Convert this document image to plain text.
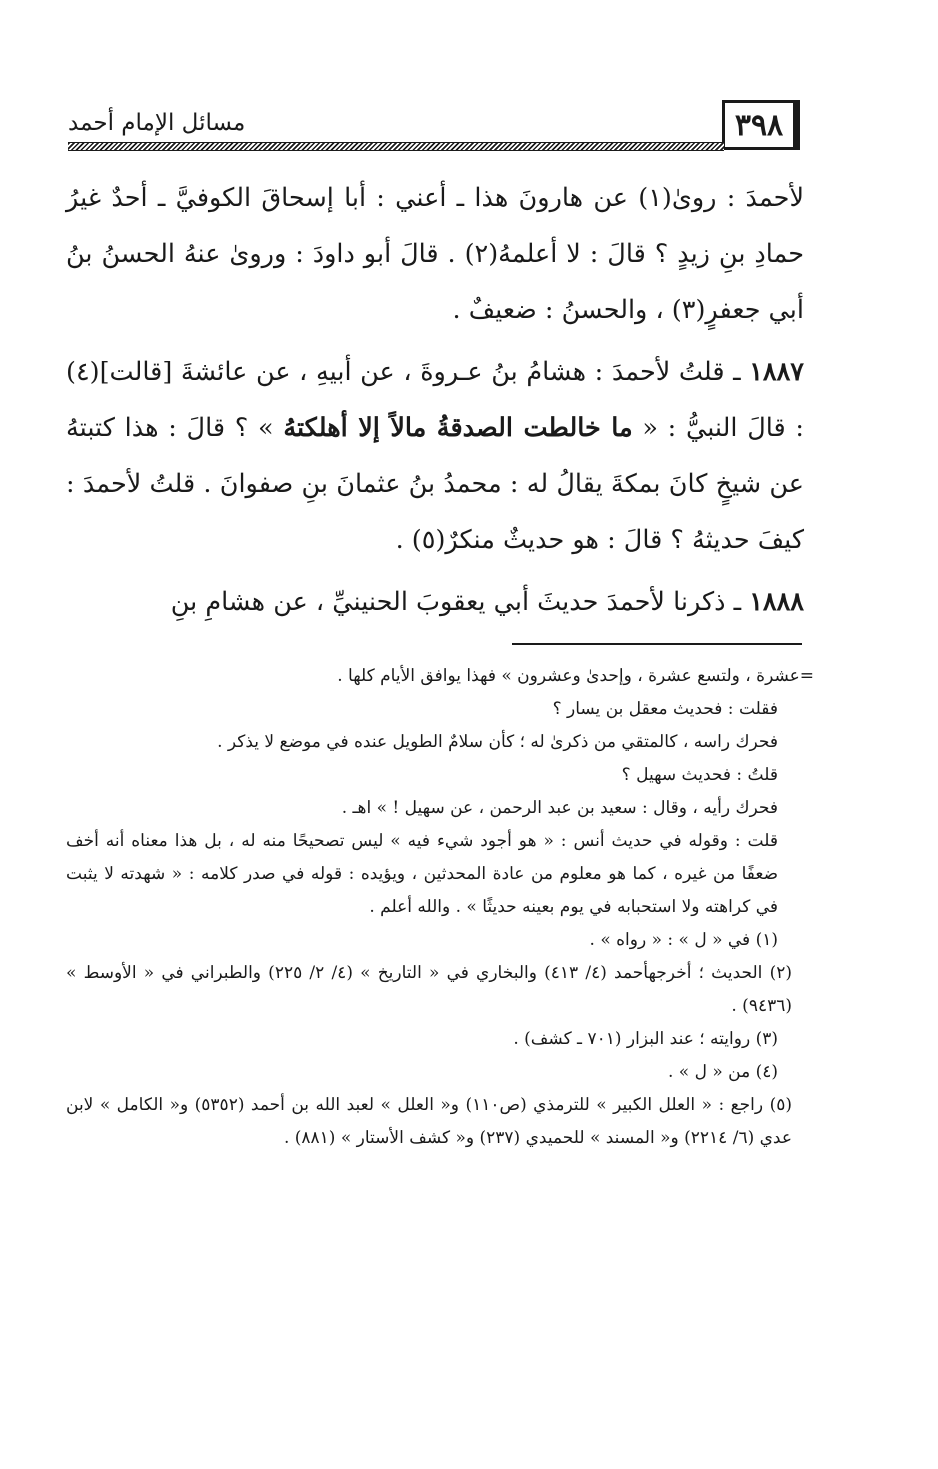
٣٩٨
مسائل الإمام أحمد

لأحمدَ : روىٰ(١) عن هارونَ هذا ـ أعني : أبا إسحاقَ الكوفيَّ ـ أحدٌ غيرُ حمادِ بنِ زيدٍ ؟ قالَ : لا أعلمهُ(٢) . قالَ أبو داودَ : وروىٰ عنهُ الحسنُ بنُ أبي جعفرٍ(٣) ، والحسنُ : ضعيفٌ .

١٨٨٧ ـ قلتُ لأحمدَ : هشامُ بنُ عـروةَ ، عن أبيهِ ، عن عائشةَ [قالت](٤) : قالَ النبيُّ : « ما خالطت الصدقةُ مالاً إلا أهلكتهُ » ؟ قالَ : هذا كتبتهُ عن شيخٍ كانَ بمكةَ يقالُ له : محمدُ بنُ عثمانَ بنِ صفوانَ . قلتُ لأحمدَ : كيفَ حديثهُ ؟ قالَ : هو حديثٌ منكرٌ(٥) .

١٨٨٨ ـ ذكرنا لأحمدَ حديثَ أبي يعقوبَ الحنينيِّ ، عن هشامِ بنِ

=عشرة ، ولتسع عشرة ، وإحدىٰ وعشرون » فهذا يوافق الأيام كلها .

فقلت : فحديث معقل بن يسار ؟

فحرك راسه ، كالمتقي من ذكرىٰ له ؛ كأن سلامٌ الطويل عنده في موضع لا يذكر .

قلتُ : فحديث سهيل ؟

فحرك رأيه ، وقال : سعيد بن عبد الرحمن ، عن سهيل ! » اهـ .

قلت : وقوله في حديث أنس : « هو أجود شيء فيه » ليس تصحيحًا منه له ، بل هذا معناه أنه أخف ضعفًا من غيره ، كما هو معلوم من عادة المحدثين ، ويؤيده : قوله في صدر كلامه : « شهدته لا يثبت في كراهته ولا استحبابه في يوم بعينه حديثًا » . والله أعلم .

(١) في « ل » : « رواه » .

(٢) الحديث ؛ أخرجهأحمد (٤/ ٤١٣) والبخاري في « التاريخ » (٤/ ٢/ ٢٢٥) والطبراني في « الأوسط » (٩٤٣٦) .

(٣) روايته ؛ عند البزار (٧٠١ ـ كشف) .

(٤) من « ل » .

(٥) راجع : « العلل الكبير » للترمذي (ص١١٠) و« العلل » لعبد الله بن أحمد (٥٣٥٢) و« الكامل » لابن عدي (٦/ ٢٢١٤) و« المسند » للحميدي (٢٣٧) و« كشف الأستار » (٨٨١) .
